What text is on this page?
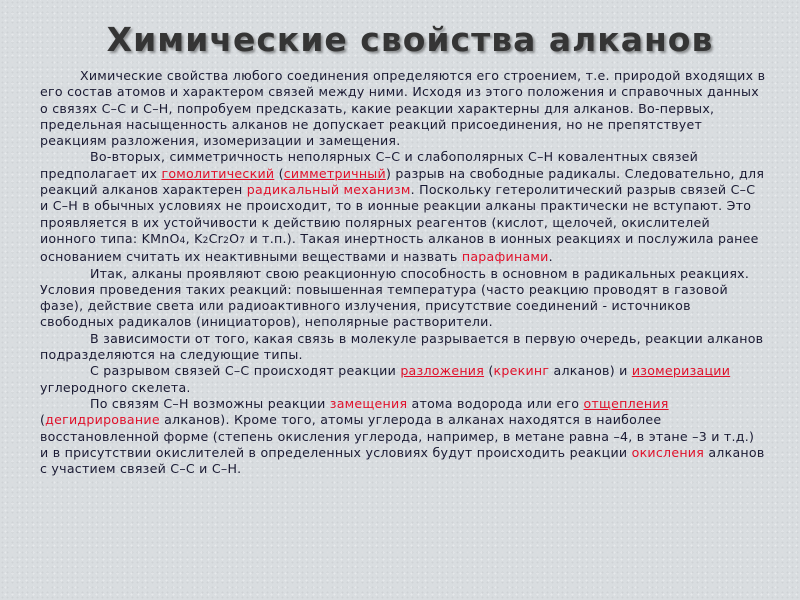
Химические свойства алканов

Химические свойства любого соединения определяются его строением, т.е. природой входящих в его состав атомов и характером связей между ними. Исходя из этого положения и справочных данных о связях С–С и С–Н, попробуем предсказать, какие реакции характерны для алканов. Во-первых, предельная насыщенность алканов не допускает реакций присоединения, но не препятствует реакциям разложения, изомеризации и замещения.

Во-вторых, симметричность неполярных С–С и слабополярных С–Н ковалентных связей предполагает их гомолитический (симметричный) разрыв на свободные радикалы. Следовательно, для реакций алканов характерен радикальный механизм. Поскольку гетеролитический разрыв связей С–С и С–Н в обычных условиях не происходит, то в ионные реакции алканы практически не вступают. Это проявляется в их устойчивости к действию полярных реагентов (кислот, щелочей, окислителей ионного типа: KMnO4, K2Cr2O7 и т.п.). Такая инертность алканов в ионных реакциях и послужила ранее основанием считать их неактивными веществами и назвать парафинами.

Итак, алканы проявляют свою реакционную способность в основном в радикальных реакциях. Условия проведения таких реакций: повышенная температура (часто реакцию проводят в газовой фазе), действие света или радиоактивного излучения, присутствие соединений - источников свободных радикалов (инициаторов), неполярные растворители.

В зависимости от того, какая связь в молекуле разрывается в первую очередь, реакции алканов подразделяются на следующие типы.

С разрывом связей С–С происходят реакции разложения (крекинг алканов) и изомеризации углеродного скелета.

По связям С–Н возможны реакции замещения атома водорода или его отщепления (дегидрирование алканов). Кроме того, атомы углерода в алканах находятся в наиболее восстановленной форме (степень окисления углерода, например, в метане равна –4, в этане –3 и т.д.) и в присутствии окислителей в определенных условиях будут происходить реакции окисления алканов с участием связей С–С и С–Н.
